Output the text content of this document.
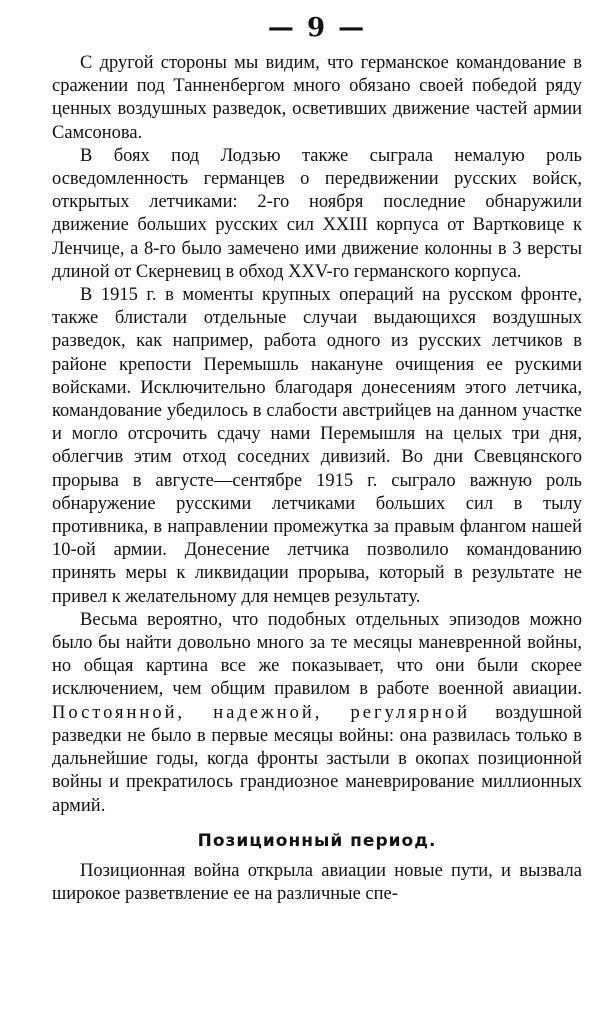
— 9 —

С другой стороны мы видим, что германское командование в сражении под Танненбергом много обязано своей победой ряду ценных воздушных разведок, осветивших движение частей армии Самсонова.

В боях под Лодзью также сыграла немалую роль осведомленность германцев о передвижении русских войск, открытых летчиками: 2-го ноября последние обнаружили движение больших русских сил XXIII корпуса от Вартковице к Ленчице, а 8-го было замечено ими движение колонны в 3 версты длиной от Скерневиц в обход XXV-го германского корпуса.

В 1915 г. в моменты крупных операций на русском фронте, также блистали отдельные случаи выдающихся воздушных разведок, как например, работа одного из русских летчиков в районе крепости Перемышль накануне очищения ее рускими войсками. Исключительно благодаря донесениям этого летчика, командование убедилось в слабости австрийцев на данном участке и могло отсрочить сдачу нами Перемышля на целых три дня, облегчив этим отход соседних дивизий. Во дни Свевцянского прорыва в августе—сентябре 1915 г. сыграло важную роль обнаружение русскими летчиками больших сил в тылу противника, в направлении промежутка за правым флангом нашей 10-ой армии. Донесение летчика позволило командованию принять меры к ликвидации прорыва, который в результате не привел к желательному для немцев результату.

Весьма вероятно, что подобных отдельных эпизодов можно было бы найти довольно много за те месяцы маневренной войны, но общая картина все же показывает, что они были скорее исключением, чем общим правилом в работе военной авиации. Постоянной, надежной, регулярной воздушной разведки не было в первые месяцы войны: она развилась только в дальнейшие годы, когда фронты застыли в окопах позиционной войны и прекратилось грандиозное маневрирование миллионных армий.

Позиционный период.

Позиционная война открыла авиации новые пути, и вызвала широкое разветвление ее на различные спе-
